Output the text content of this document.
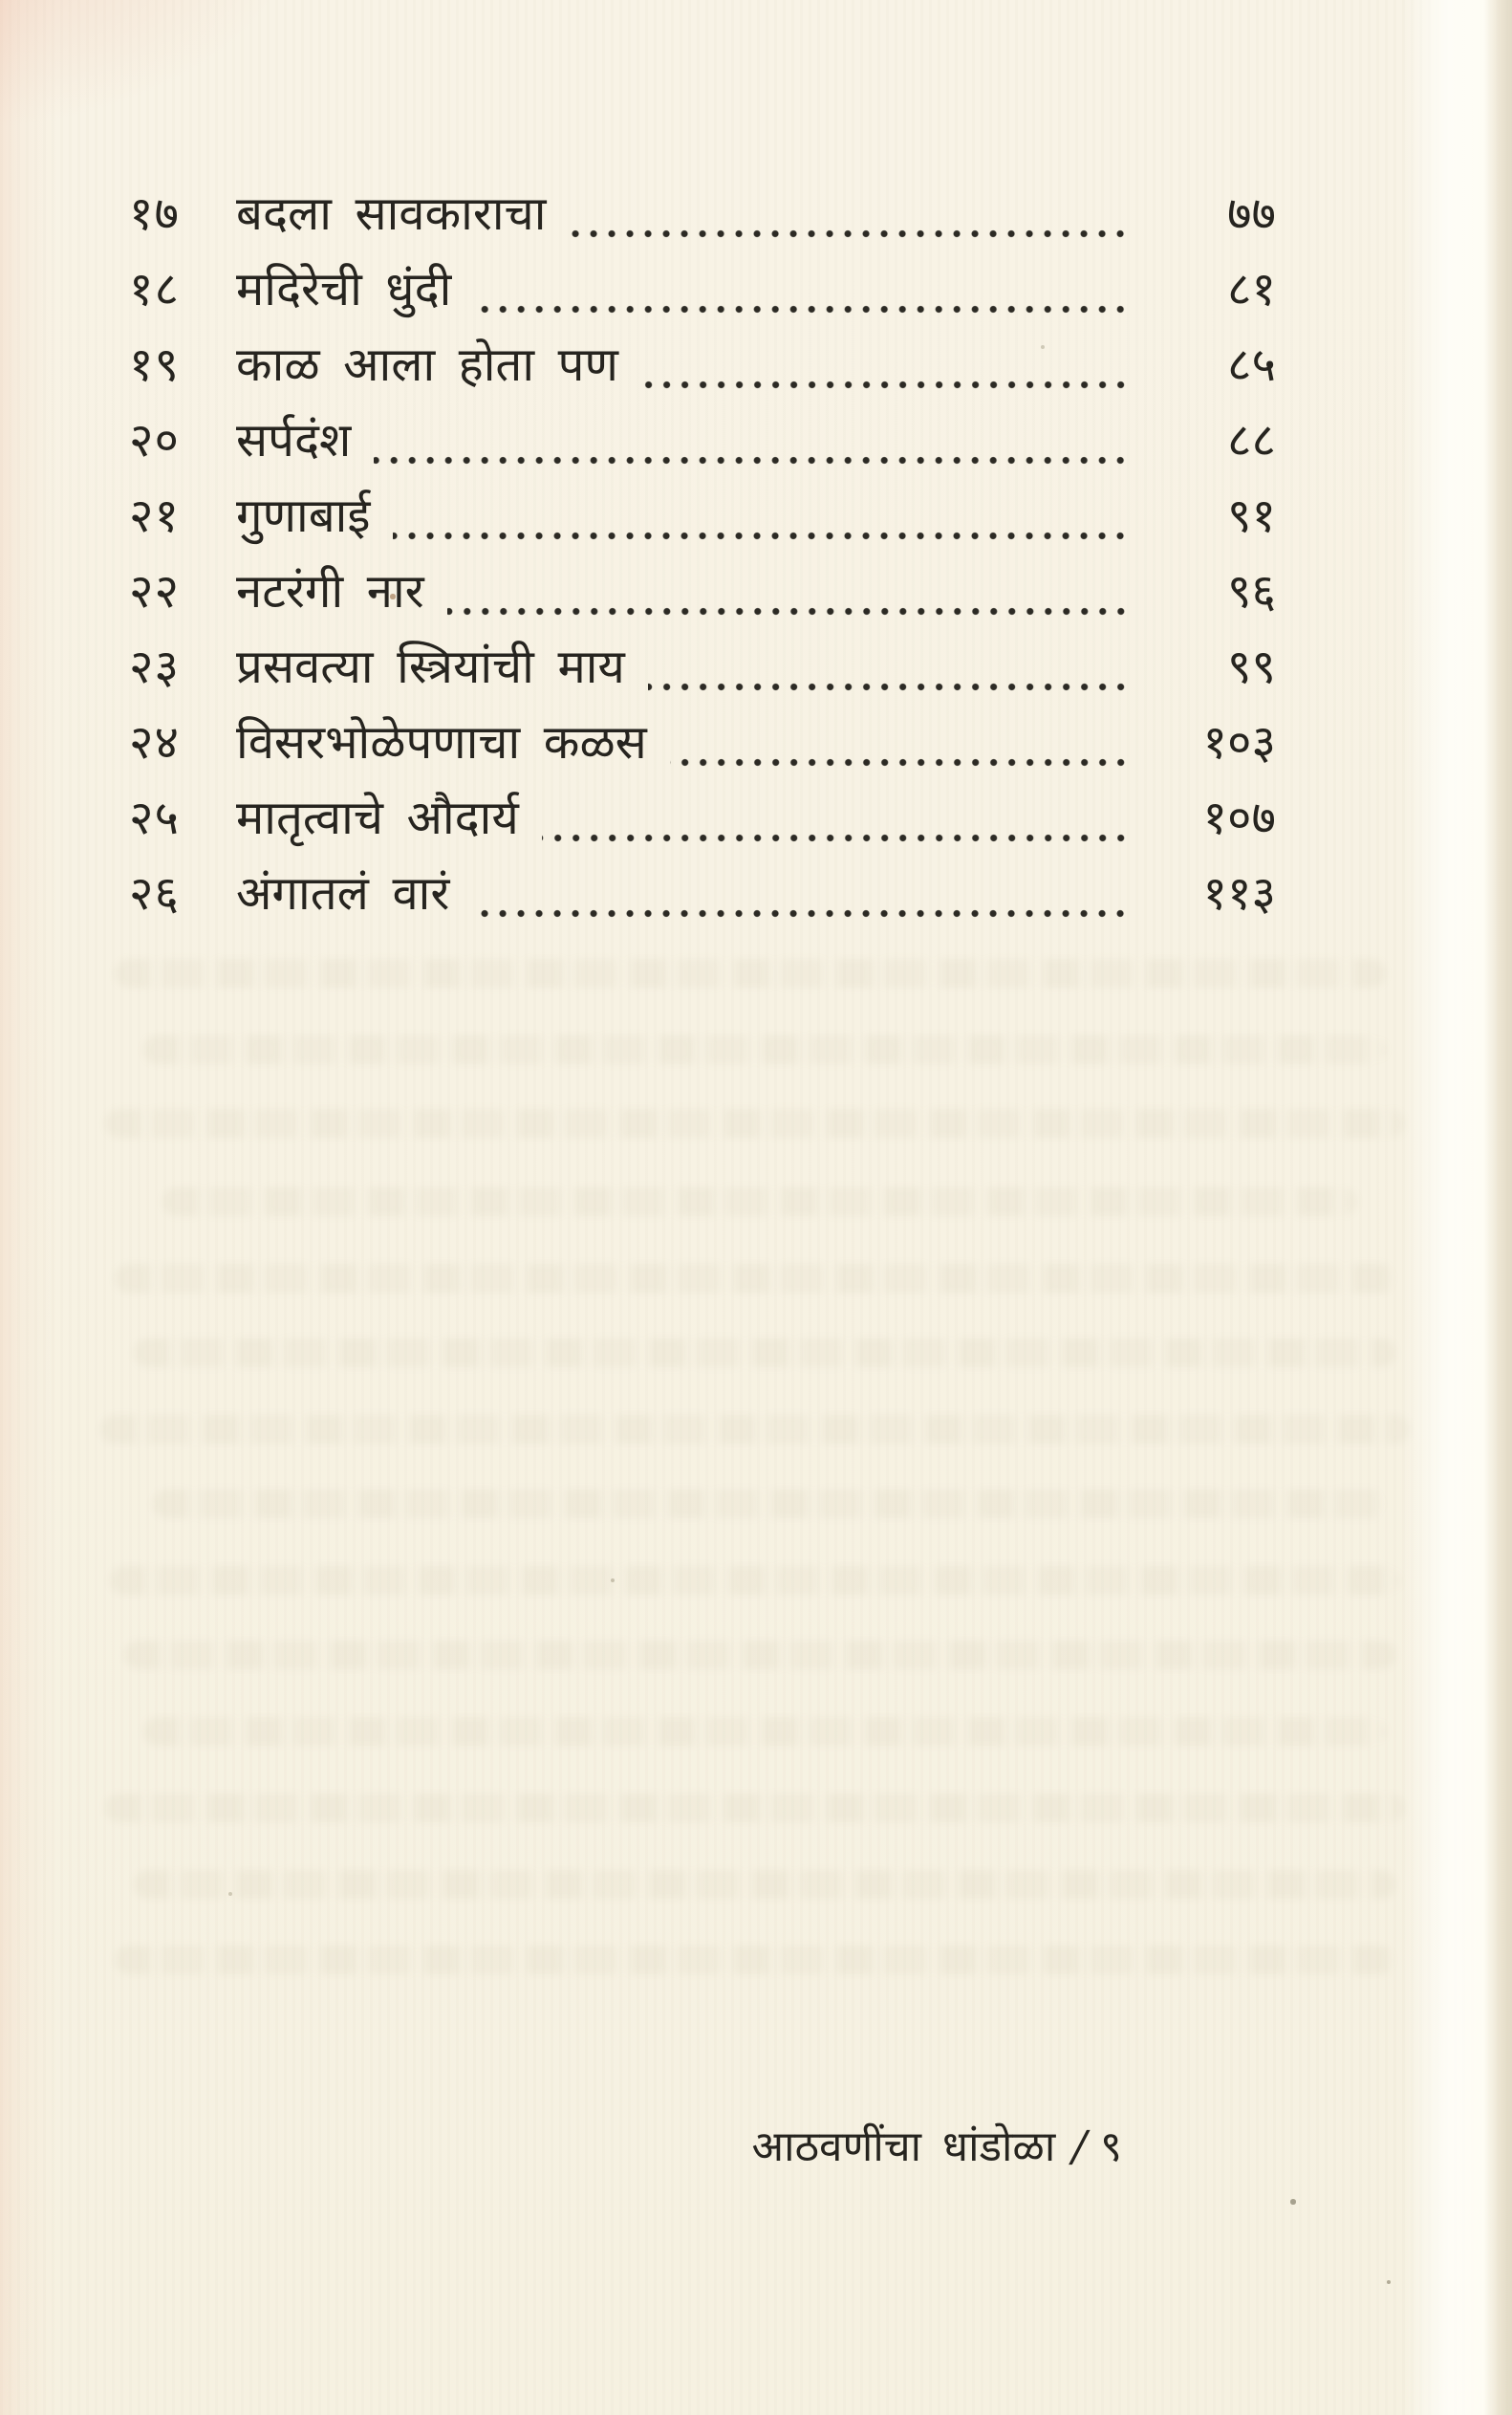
१७	बदला सावकाराचा	७७
१८	मदिरेची धुंदी	८१
१९	काळ आला होता पण	८५
२०	सर्पदंश	८८
२१	गुणाबाई	९१
२२	नटरंगी नार	९६
२३	प्रसवत्या स्त्रियांची माय	९९
२४	विसरभोळेपणाचा कळस	१०३
२५	मातृत्वाचे औदार्य	१०७
२६	अंगातलं वारं	११३
आठवणींचा धांडोळा / ९
